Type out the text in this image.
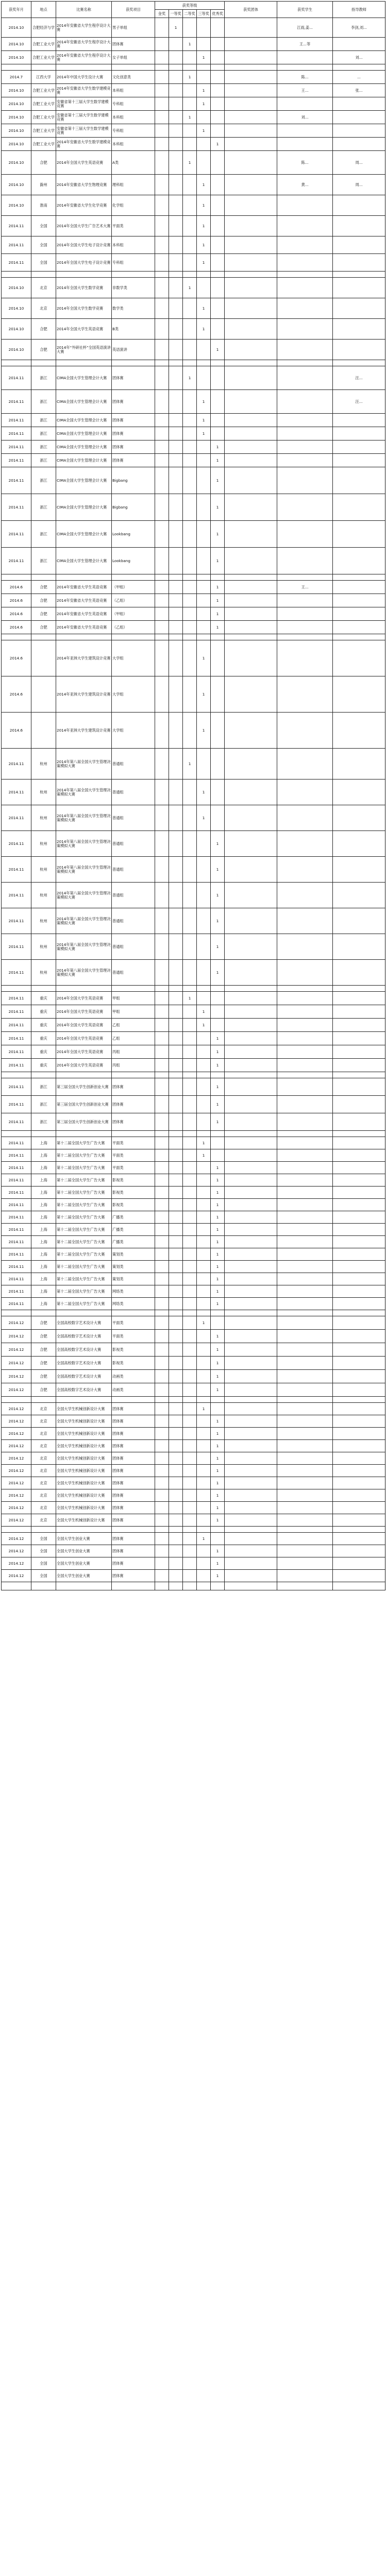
获奖年月	地点	比赛名称	获奖项目	获奖等级					获奖团体	获奖学生	指导教师
				金奖	一等奖	二等奖	三等奖	优秀奖			
2014.10	合肥经济与学	2014年安徽省大学生程序设计大赛	男子单组		1					江雨,姜...	李剑,刘...
2014.10	合肥工业大学	2014年安徽省大学生程序设计大赛	团体赛			1				王...等	
2014.10	合肥工业大学	2014年安徽省大学生程序设计大赛	女子单组				1				刘...

2014.7	江西大学	2014年中国大学生设计大赛	文化创意类			1				陈...	...
2014.10	合肥工业大学	2014年安徽省大学生数学建模竞赛	本科组				1			王...	张...
2014.10	合肥工业大学	安徽省第十三届大学生数学建模竞赛	专科组				1				
2014.10	合肥工业大学	安徽省第十三届大学生数学建模竞赛	本科组			1				刘...	
2014.10	合肥工业大学	安徽省第十三届大学生数学建模竞赛	专科组				1				
2014.10	合肥工业大学	2014年安徽省大学生数学建模竞赛	本科组					1			
2014.10	合肥	2014年全国大学生英语竞赛	A类			1				陈...	周...
2014.10	滁州	2014年安徽省大学生物理竞赛	理科组				1			黄...	周...
2014.10	淮南	2014年安徽省大学生化学竞赛	化学组				1				
2014.11	全国	2014年全国大学生广告艺术大赛	平面类				1				
2014.11	全国	2014年全国大学生电子设计竞赛	本科组				1				
2014.11	全国	2014年全国大学生电子设计竞赛	专科组				1				

2014.10	北京	2014年全国大学生数学竞赛	非数学类			1					
2014.10	北京	2014年全国大学生数学竞赛	数学类				1				
2014.10	合肥	2014年全国大学生英语竞赛	B类				1				
2014.10	合肥	2014年“外研社杯”全国英语演讲大赛	英语演讲					1			

2014.11	浙江	CIMA全国大学生管理会计大赛	团体赛			1					汪...
2014.11	浙江	CIMA全国大学生管理会计大赛	团体赛				1				汪...
2014.11	浙江	CIMA全国大学生管理会计大赛	团体赛				1				
2014.11	浙江	CIMA全国大学生管理会计大赛	团体赛				1				
2014.11	浙江	CIMA全国大学生管理会计大赛	团体赛					1			
2014.11	浙江	CIMA全国大学生管理会计大赛	团体赛					1			
2014.11	浙江	CIMA全国大学生管理会计大赛	Bigbang					1			
2014.11	浙江	CIMA全国大学生管理会计大赛	Bigbang					1			
2014.11	浙江	CIMA全国大学生管理会计大赛	Lookbang					1			
2014.11	浙江	CIMA全国大学生管理会计大赛	Lookbang					1			

2014.6	合肥	2014年安徽省大学生英语竞赛	（甲组）					1		王...	
2014.6	合肥	2014年安徽省大学生英语竞赛	（乙组）					1			
2014.6	合肥	2014年安徽省大学生英语竞赛	（甲组）					1			
2014.6	合肥	2014年安徽省大学生英语竞赛	（乙组）					1			

2014.6		2014年亚洲大学生建筑设计竞赛	大学组				1				
2014.6		2014年亚洲大学生建筑设计竞赛	大学组				1				
2014.6		2014年亚洲大学生建筑设计竞赛	大学组				1				
2014.11	杭州	2014年第八届全国大学生管理决策模拟大赛	普通组			1					
2014.11	杭州	2014年第八届全国大学生管理决策模拟大赛	普通组				1				
2014.11	杭州	2014年第八届全国大学生管理决策模拟大赛	普通组				1				
2014.11	杭州	2014年第八届全国大学生管理决策模拟大赛	普通组					1			
2014.11	杭州	2014年第八届全国大学生管理决策模拟大赛	普通组					1			
2014.11	杭州	2014年第八届全国大学生管理决策模拟大赛	普通组					1			
2014.11	杭州	2014年第八届全国大学生管理决策模拟大赛	普通组					1			
2014.11	杭州	2014年第八届全国大学生管理决策模拟大赛	普通组					1			
2014.11	杭州	2014年第八届全国大学生管理决策模拟大赛	普通组					1			

2014.11	重庆	2014年全国大学生英语竞赛	甲组			1					
2014.11	重庆	2014年全国大学生英语竞赛	甲组				1				
2014.11	重庆	2014年全国大学生英语竞赛	乙组				1				
2014.11	重庆	2014年全国大学生英语竞赛	乙组					1			
2014.11	重庆	2014年全国大学生英语竞赛	丙组					1			
2014.11	重庆	2014年全国大学生英语竞赛	丙组					1			

2014.11	浙江	第三届全国大学生创新创业大赛	团体赛					1			
2014.11	浙江	第三届全国大学生创新创业大赛	团体赛					1			
2014.11	浙江	第三届全国大学生创新创业大赛	团体赛					1			

2014.11	上海	第十二届全国大学生广告大赛	平面类				1				
2014.11	上海	第十二届全国大学生广告大赛	平面类				1				
2014.11	上海	第十二届全国大学生广告大赛	平面类					1			
2014.11	上海	第十二届全国大学生广告大赛	影视类					1			
2014.11	上海	第十二届全国大学生广告大赛	影视类					1			
2014.11	上海	第十二届全国大学生广告大赛	影视类					1			
2014.11	上海	第十二届全国大学生广告大赛	广播类					1			
2014.11	上海	第十二届全国大学生广告大赛	广播类					1			
2014.11	上海	第十二届全国大学生广告大赛	广播类					1			
2014.11	上海	第十二届全国大学生广告大赛	策划类					1			
2014.11	上海	第十二届全国大学生广告大赛	策划类					1			
2014.11	上海	第十二届全国大学生广告大赛	策划类					1			
2014.11	上海	第十二届全国大学生广告大赛	网络类					1			
2014.11	上海	第十二届全国大学生广告大赛	网络类					1			

2014.12	合肥	全国高校数字艺术设计大赛	平面类				1				
2014.12	合肥	全国高校数字艺术设计大赛	平面类					1			
2014.12	合肥	全国高校数字艺术设计大赛	影视类					1			
2014.12	合肥	全国高校数字艺术设计大赛	影视类					1			
2014.12	合肥	全国高校数字艺术设计大赛	动画类					1			
2014.12	合肥	全国高校数字艺术设计大赛	动画类					1			

2014.12	北京	全国大学生机械创新设计大赛	团体赛				1				
2014.12	北京	全国大学生机械创新设计大赛	团体赛					1			
2014.12	北京	全国大学生机械创新设计大赛	团体赛					1			
2014.12	北京	全国大学生机械创新设计大赛	团体赛					1			
2014.12	北京	全国大学生机械创新设计大赛	团体赛					1			
2014.12	北京	全国大学生机械创新设计大赛	团体赛					1			
2014.12	北京	全国大学生机械创新设计大赛	团体赛					1			
2014.12	北京	全国大学生机械创新设计大赛	团体赛					1			
2014.12	北京	全国大学生机械创新设计大赛	团体赛					1			
2014.12	北京	全国大学生机械创新设计大赛	团体赛					1			

2014.12	全国	全国大学生创业大赛	团体赛				1				
2014.12	全国	全国大学生创业大赛	团体赛					1			
2014.12	全国	全国大学生创业大赛	团体赛					1			
2014.12	全国	全国大学生创业大赛	团体赛					1			
